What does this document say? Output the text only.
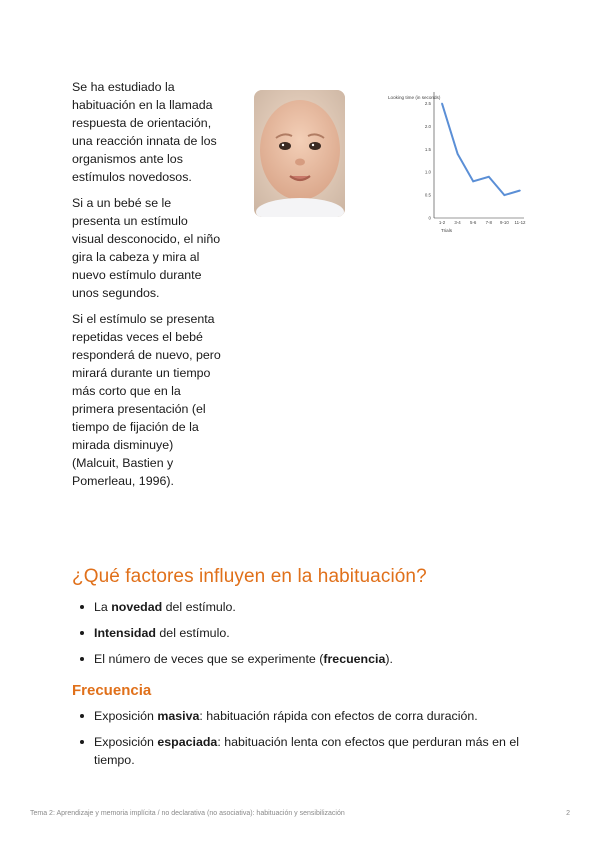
Se ha estudiado la habituación en la llamada respuesta de orientación, una reacción innata de los organismos ante los estímulos novedosos.

Si a un bebé se le presenta un estímulo visual desconocido, el niño gira la cabeza y mira al nuevo estímulo durante unos segundos.

Si el estímulo se presenta repetidas veces el bebé responderá de nuevo, pero mirará durante un tiempo más corto que en la primera presentación (el tiempo de fijación de la mirada disminuye) (Malcuit, Bastien y Pomerleau, 1996).

Looking time (in seconds)
Trials
2.5
2.0
1.5
1.0
0.5
0
1-2 3-4 5-6 7-8 9-10 11-12
¿Qué factores influyen en la habituación?
La novedad del estímulo.
Intensidad del estímulo.
El número de veces que se experimente (frecuencia).
Frecuencia
Exposición masiva: habituación rápida con efectos de corra duración.
Exposición espaciada: habituación lenta con efectos que perduran más en el tiempo.
Tema 2: Aprendizaje y memoria implícita / no declarativa (no asociativa): habituación y sensibilización	2
